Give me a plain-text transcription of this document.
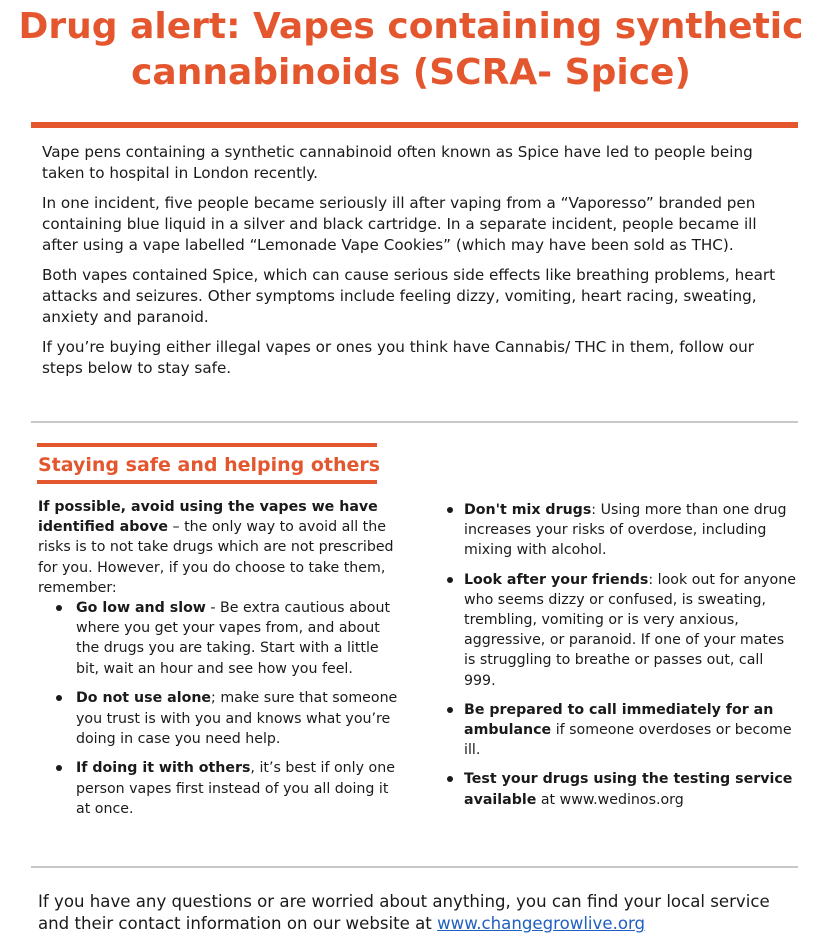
Drug alert: Vapes containing synthetic
cannabinoids (SCRA- Spice)

Vape pens containing a synthetic cannabinoid often known as Spice have led to people being taken to hospital in London recently.

In one incident, five people became seriously ill after vaping from a “Vaporesso” branded pen containing blue liquid in a silver and black cartridge. In a separate incident, people became ill after using a vape labelled “Lemonade Vape Cookies” (which may have been sold as THC).

Both vapes contained Spice, which can cause serious side effects like breathing problems, heart attacks and seizures. Other symptoms include feeling dizzy, vomiting, heart racing, sweating, anxiety and paranoid.

If you’re buying either illegal vapes or ones you think have Cannabis/ THC in them, follow our steps below to stay safe.

Staying safe and helping others

If possible, avoid using the vapes we have identified above – the only way to avoid all the risks is to not take drugs which are not prescribed for you. However, if you do choose to take them, remember:

Go low and slow - Be extra cautious about where you get your vapes from, and about the drugs you are taking. Start with a little bit, wait an hour and see how you feel.
Do not use alone; make sure that someone you trust is with you and knows what you’re doing in case you need help.
If doing it with others, it’s best if only one person vapes first instead of you all doing it at once.
Don't mix drugs: Using more than one drug increases your risks of overdose, including mixing with alcohol.
Look after your friends: look out for anyone who seems dizzy or confused, is sweating, trembling, vomiting or is very anxious, aggressive, or paranoid. If one of your mates is struggling to breathe or passes out, call 999.
Be prepared to call immediately for an ambulance if someone overdoses or become ill.
Test your drugs using the testing service available at www.wedinos.org
If you have any questions or are worried about anything, you can find your local service and their contact information on our website at www.changegrowlive.org
